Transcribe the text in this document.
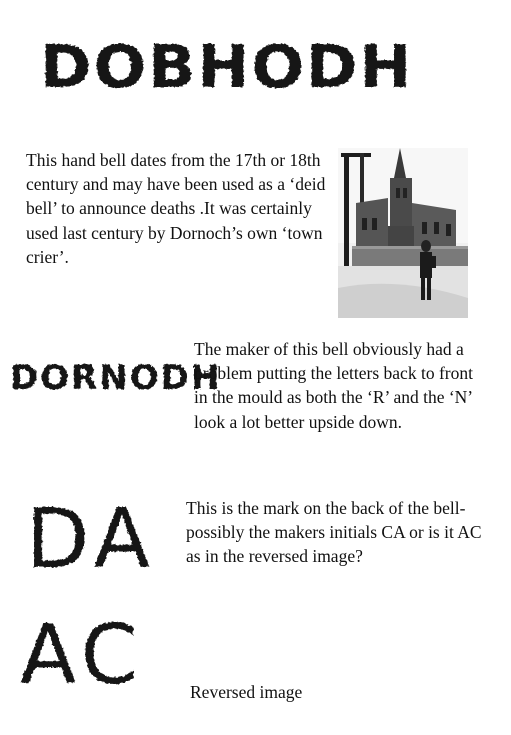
DOBHODH

This hand bell dates from the 17th or 18th century and may have been used as a ‘deid bell’ to announce deaths .It was certainly used last century by Dornoch’s own ‘town crier’.

DORNODH

The maker of this bell obviously had a problem putting the letters back to front in the mould as both the ‘R’ and the ‘N’ look a lot better upside down.

DA This is the mark on the back of the bell-possibly the makers initials CA or is it AC as in the reversed image?

AC	Reversed image
